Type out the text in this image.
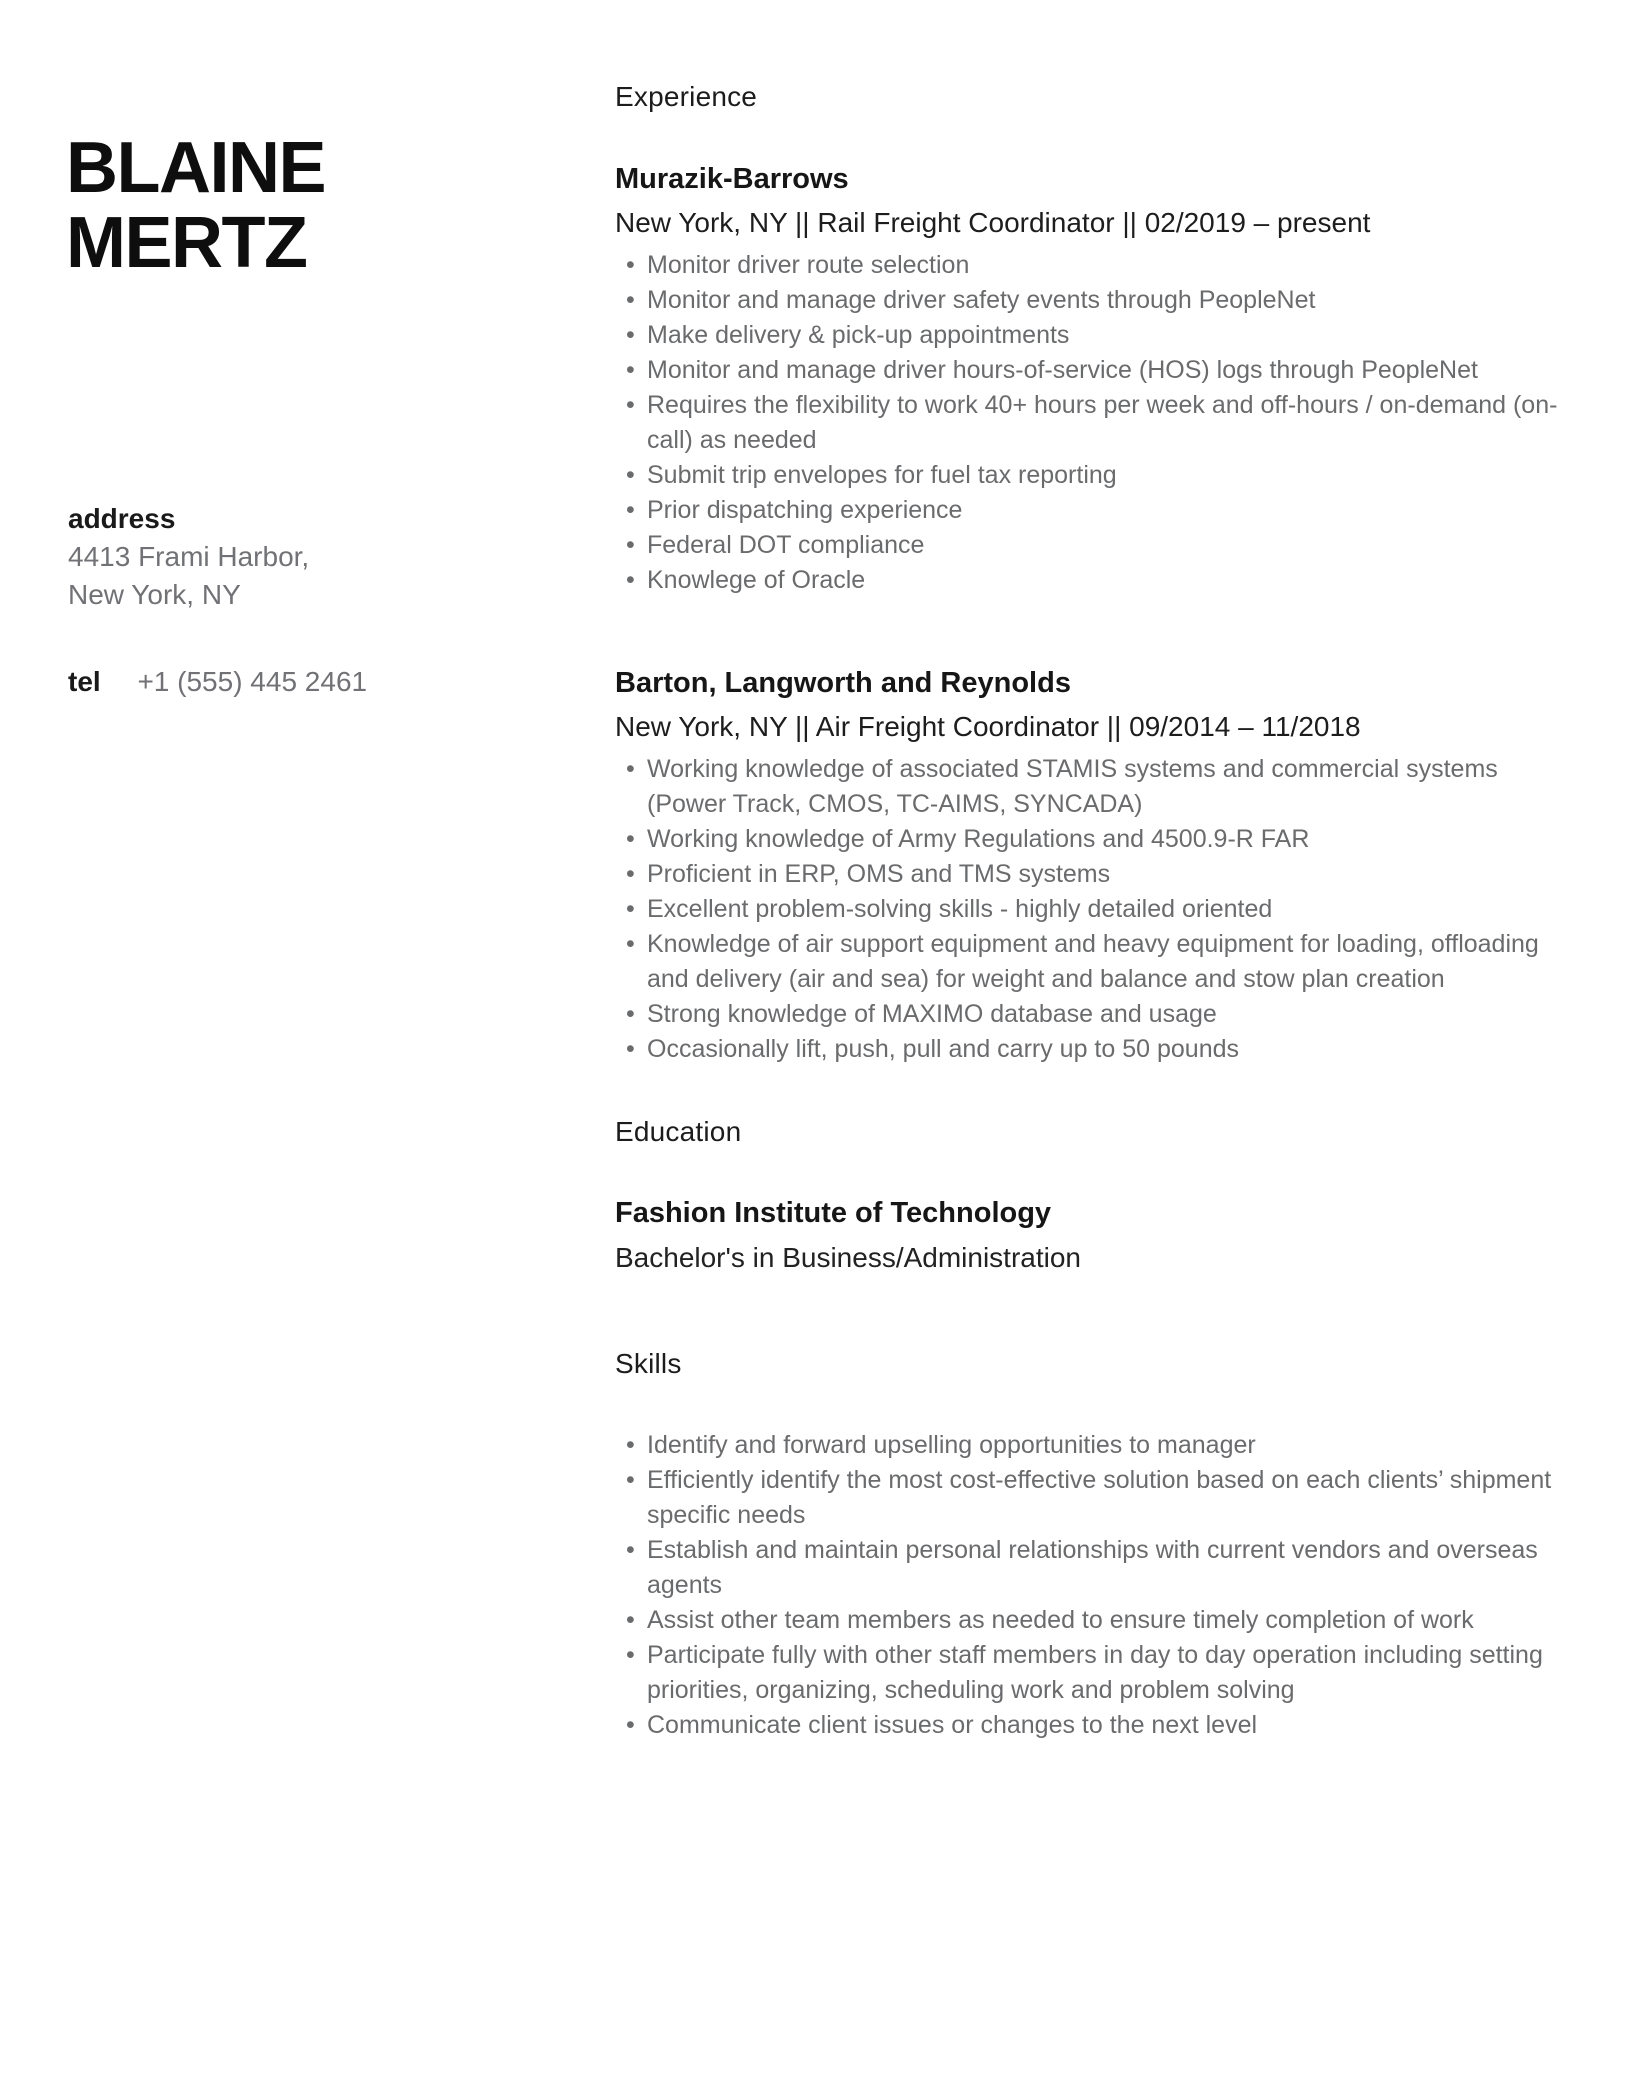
BLAINE
MERTZ
address
4413 Frami Harbor,
New York, NY
tel +1 (555) 445 2461
Experience
Murazik-Barrows

New York, NY || Rail Freight Coordinator || 02/2019 – present

• Monitor driver route selection
• Monitor and manage driver safety events through PeopleNet
• Make delivery & pick-up appointments
• Monitor and manage driver hours-of-service (HOS) logs through PeopleNet
• Requires the flexibility to work 40+ hours per week and off-hours / on-demand (on-call) as needed
• Submit trip envelopes for fuel tax reporting
• Prior dispatching experience
• Federal DOT compliance
• Knowlege of Oracle
Barton, Langworth and Reynolds

New York, NY || Air Freight Coordinator || 09/2014 – 11/2018

• Working knowledge of associated STAMIS systems and commercial systems (Power Track, CMOS, TC-AIMS, SYNCADA)
• Working knowledge of Army Regulations and 4500.9-R FAR
• Proficient in ERP, OMS and TMS systems
• Excellent problem-solving skills - highly detailed oriented
• Knowledge of air support equipment and heavy equipment for loading, offloading and delivery (air and sea) for weight and balance and stow plan creation
• Strong knowledge of MAXIMO database and usage
• Occasionally lift, push, pull and carry up to 50 pounds
Education
Fashion Institute of Technology

Bachelor's in Business/Administration

Skills
• Identify and forward upselling opportunities to manager
• Efficiently identify the most cost-effective solution based on each clients’ shipment specific needs
• Establish and maintain personal relationships with current vendors and overseas agents
• Assist other team members as needed to ensure timely completion of work
• Participate fully with other staff members in day to day operation including setting priorities, organizing, scheduling work and problem solving
• Communicate client issues or changes to the next level
